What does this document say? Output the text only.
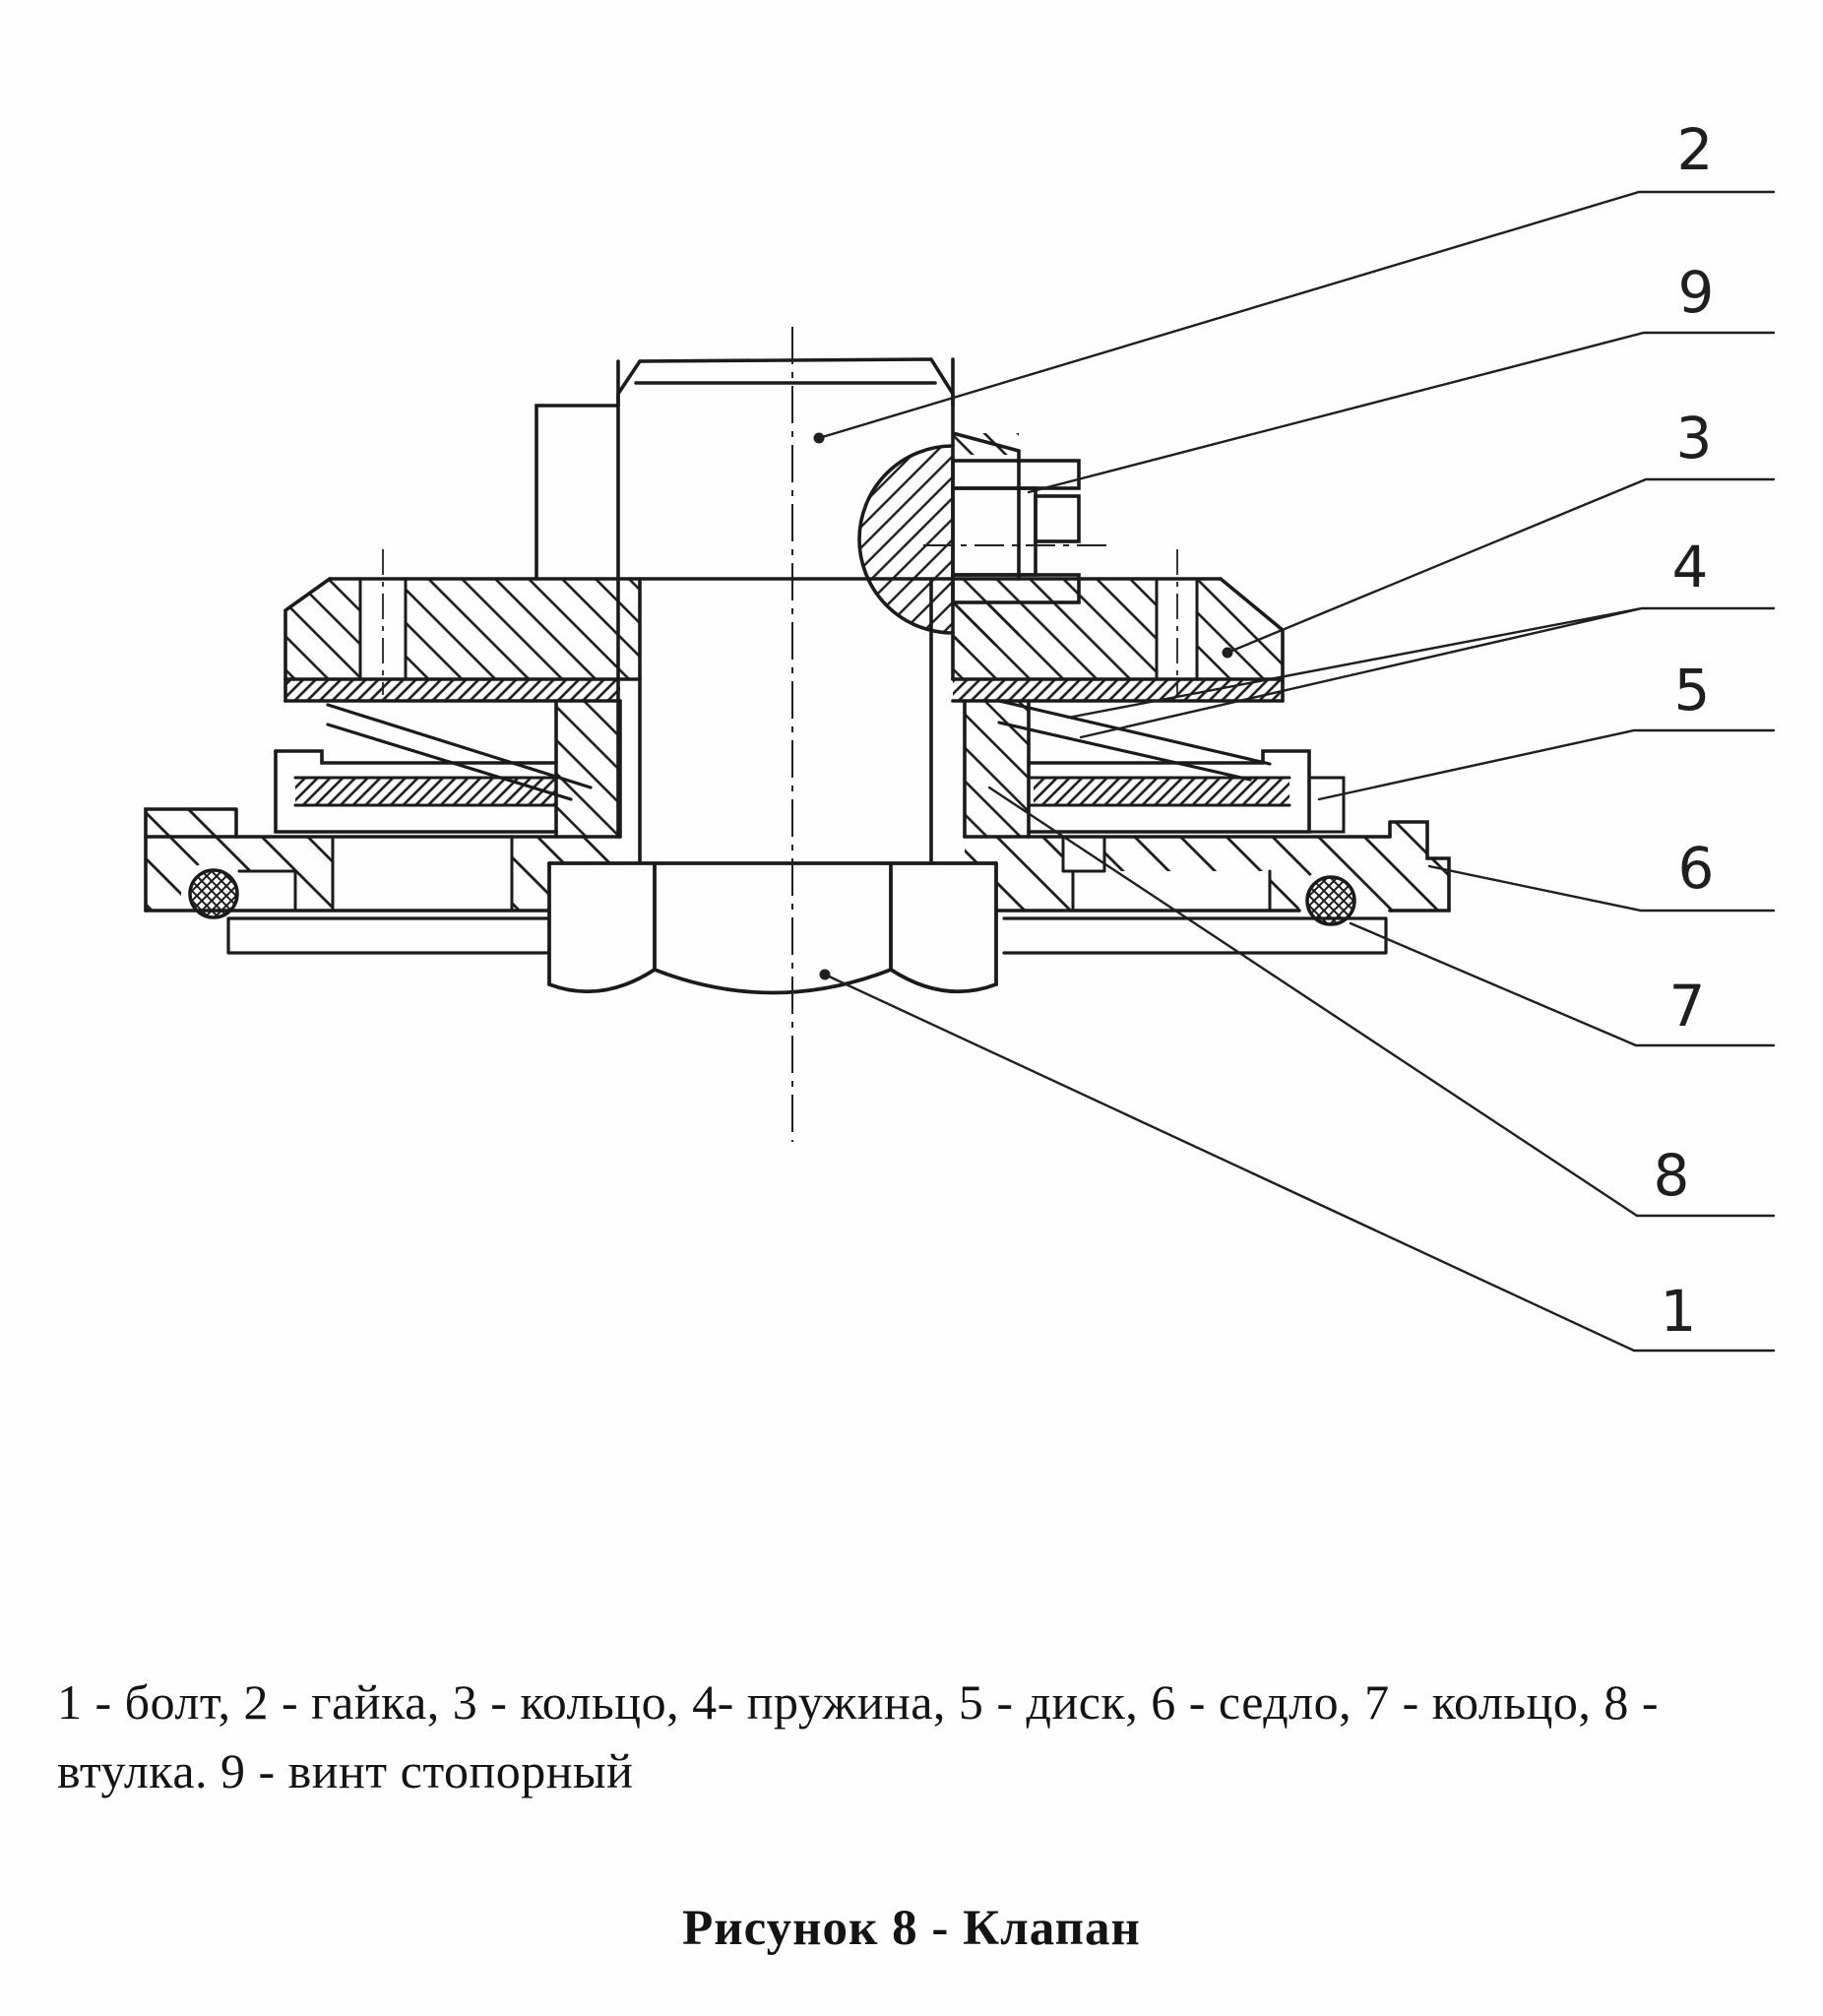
2
9
3
4
5
6
7
8
1
1 - болт, 2 - гайка, 3 - кольцо, 4- пружина, 5 - диск, 6 - седло, 7 - кольцо, 8 -
втулка. 9 - винт стопорный
Рисунок 8 - Клапан
